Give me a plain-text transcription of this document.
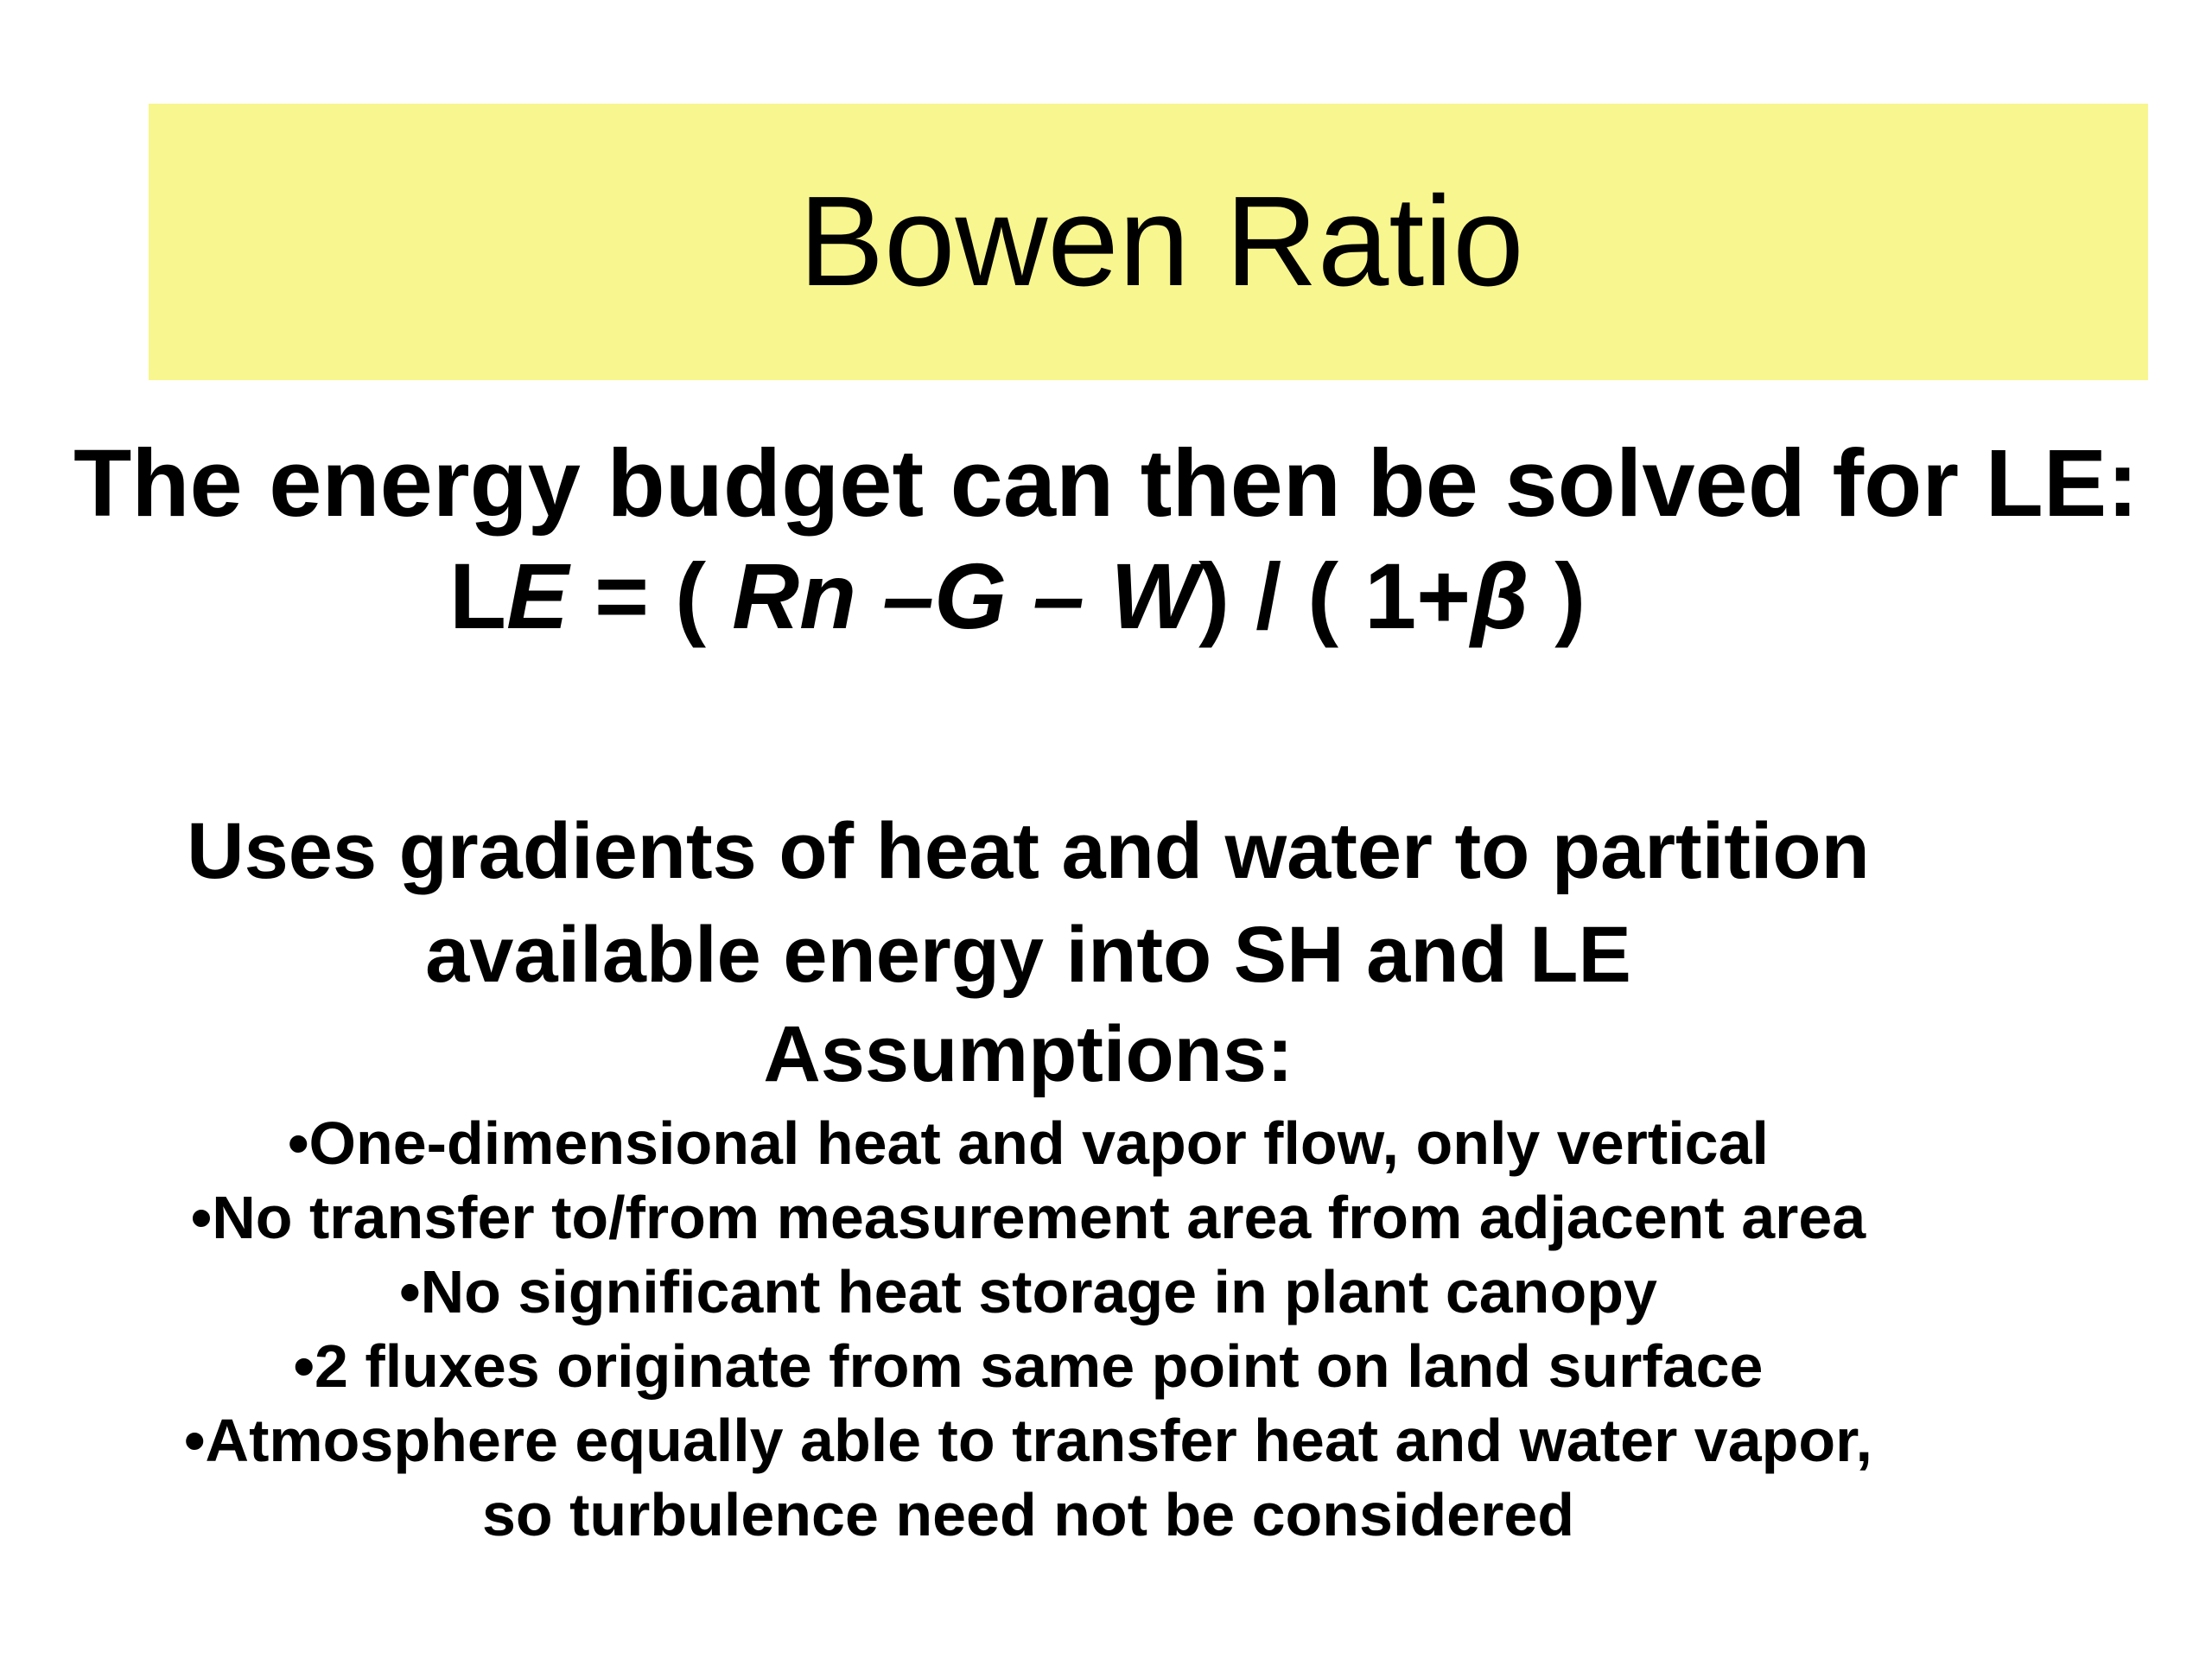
Bowen Ratio

The energy budget can then be solved for LE:

LE = ( Rn –G – W) / ( 1+β )

Uses gradients of heat and water to partition
available energy into SH and LE

Assumptions:

•One-dimensional heat and vapor flow, only vertical
•No transfer to/from measurement area from adjacent area
•No significant heat storage in plant canopy
•2 fluxes originate from same point on land surface
•Atmosphere equally able to transfer heat and water vapor,
so turbulence need not be considered
